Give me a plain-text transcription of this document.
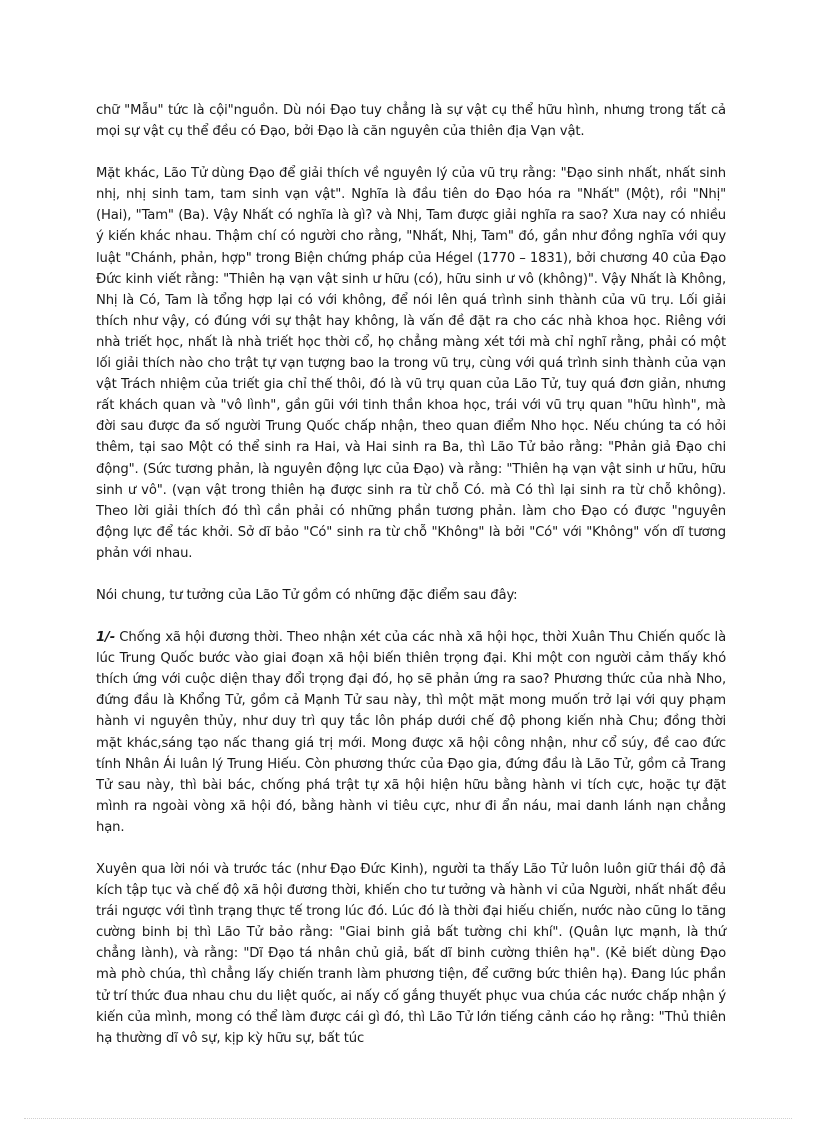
chữ "Mẫu" tức là cội"nguồn. Dù nói Đạo tuy chẳng là sự vật cụ thể hữu hình, nhưng trong tất cả mọi sự vật cụ thể đều có Đạo, bởi Đạo là căn nguyên của thiên địa Vạn vật.

Mặt khác, Lão Tử dùng Đạo để giải thích về nguyên lý của vũ trụ rằng: "Đạo sinh nhất, nhất sinh nhị, nhị sinh tam, tam sinh vạn vật". Nghĩa là đầu tiên do Đạo hóa ra "Nhất" (Một), rồi "Nhị" (Hai), "Tam" (Ba). Vậy Nhất có nghĩa là gì? và Nhị, Tam được giải nghĩa ra sao? Xưa nay có nhiều ý kiến khác nhau. Thậm chí có người cho rằng, "Nhất, Nhị, Tam" đó, gần như đồng nghĩa với quy luật "Chánh, phản, hợp" trong Biện chứng pháp của Hégel (1770 – 1831), bởi chương 40 của Đạo Đức kinh viết rằng: "Thiên hạ vạn vật sinh ư hữu (có), hữu sinh ư vô (không)". Vậy Nhất là Không, Nhị là Có, Tam là tổng hợp lại có với không, để nói lên quá trình sinh thành của vũ trụ. Lối giải thích như vậy, có đúng với sự thật hay không, là vấn đề đặt ra cho các nhà khoa học. Riêng với nhà triết học, nhất là nhà triết học thời cổ, họ chẳng màng xét tới mà chỉ nghĩ rằng, phải có một lối giải thích nào cho trật tự vạn tượng bao la trong vũ trụ, cùng với quá trình sinh thành của vạn vật Trách nhiệm của triết gia chỉ thế thôi, đó là vũ trụ quan của Lão Tử, tuy quá đơn giản, nhưng rất khách quan và "vô lình", gần gũi với tinh thần khoa học, trái với vũ trụ quan "hữu hình", mà đời sau được đa số người Trung Quốc chấp nhận, theo quan điểm Nho học. Nếu chúng ta có hỏi thêm, tại sao Một có thể sinh ra Hai, và Hai sinh ra Ba, thì Lão Tử bảo rằng: "Phản giả Đạo chi động". (Sức tương phản, là nguyên động lực của Đạo) và rằng: "Thiên hạ vạn vật sinh ư hữu, hữu sinh ư vô". (vạn vật trong thiên hạ được sinh ra từ chỗ Có. mà Có thì lại sinh ra từ chỗ không). Theo lời giải thích đó thì cần phải có những phần tương phản. làm cho Đạo có được "nguyên động lực để tác khởi. Sở dĩ bảo "Có" sinh ra từ chỗ "Không" là bởi "Có" với "Không" vốn dĩ tương phản với nhau.

Nói chung, tư tưởng của Lão Tử gồm có những đặc điểm sau đây:

1/- Chống xã hội đương thời. Theo nhận xét của các nhà xã hội học, thời Xuân Thu Chiến quốc là lúc Trung Quốc bước vào giai đoạn xã hội biến thiên trọng đại. Khi một con người cảm thấy khó thích ứng với cuộc diện thay đổi trọng đại đó, họ sẽ phản ứng ra sao? Phương thức của nhà Nho, đứng đầu là Khổng Tử, gồm cả Mạnh Tử sau này, thì một mặt mong muốn trở lại với quy phạm hành vi nguyên thủy, như duy trì quy tắc lôn pháp dưới chế độ phong kiến nhà Chu; đồng thời mặt khác,sáng tạo nấc thang giá trị mới. Mong được xã hội công nhận, như cổ súy, đề cao đức tính Nhân Ái luân lý Trung Hiếu. Còn phương thức của Đạo gia, đứng đầu là Lão Tử, gồm cả Trang Tử sau này, thì bài bác, chống phá trật tự xã hội hiện hữu bằng hành vi tích cực, hoặc tự đặt mình ra ngoài vòng xã hội đó, bằng hành vi tiêu cực, như đi ẩn náu, mai danh lánh nạn chẳng hạn.

Xuyên qua lời nói và trước tác (như Đạo Đức Kinh), người ta thấy Lão Tử luôn luôn giữ thái độ đả kích tập tục và chế độ xã hội đương thời, khiến cho tư tưởng và hành vi của Người, nhất nhất đều trái ngược với tình trạng thực tế trong lúc đó. Lúc đó là thời đại hiếu chiến, nước nào cũng lo tăng cường binh bị thì Lão Tử bảo rằng: "Giai binh giả bất tường chi khí". (Quân lực mạnh, là thứ chẳng lành), và rằng: "Dĩ Đạo tá nhân chủ giả, bất dĩ binh cường thiên hạ". (Kẻ biết dùng Đạo mà phò chúa, thì chẳng lấy chiến tranh làm phương tiện, để cưỡng bức thiên hạ). Đang lúc phần tử trí thức đua nhau chu du liệt quốc, ai nấy cố gắng thuyết phục vua chúa các nước chấp nhận ý kiến của mình, mong có thể làm được cái gì đó, thì Lão Tử lớn tiếng cảnh cáo họ rằng: "Thủ thiên hạ thường dĩ vô sự, kịp kỳ hữu sự, bất túc
